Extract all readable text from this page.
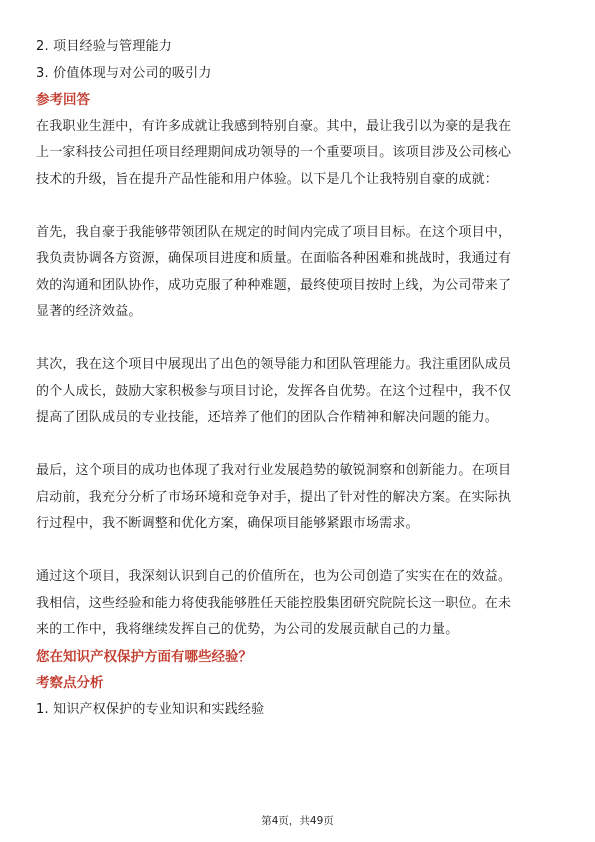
2. 项目经验与管理能力
3. 价值体现与对公司的吸引力
参考回答
在我职业生涯中，有许多成就让我感到特别自豪。其中，最让我引以为豪的是我在
上一家科技公司担任项目经理期间成功领导的一个重要项目。该项目涉及公司核心
技术的升级，旨在提升产品性能和用户体验。以下是几个让我特别自豪的成就：
首先，我自豪于我能够带领团队在规定的时间内完成了项目目标。在这个项目中，
我负责协调各方资源，确保项目进度和质量。在面临各种困难和挑战时，我通过有
效的沟通和团队协作，成功克服了种种难题，最终使项目按时上线，为公司带来了
显著的经济效益。
其次，我在这个项目中展现出了出色的领导能力和团队管理能力。我注重团队成员
的个人成长，鼓励大家积极参与项目讨论，发挥各自优势。在这个过程中，我不仅
提高了团队成员的专业技能，还培养了他们的团队合作精神和解决问题的能力。
最后，这个项目的成功也体现了我对行业发展趋势的敏锐洞察和创新能力。在项目
启动前，我充分分析了市场环境和竞争对手，提出了针对性的解决方案。在实际执
行过程中，我不断调整和优化方案，确保项目能够紧跟市场需求。
通过这个项目，我深刻认识到自己的价值所在，也为公司创造了实实在在的效益。
我相信，这些经验和能力将使我能够胜任天能控股集团研究院院长这一职位。在未
来的工作中，我将继续发挥自己的优势，为公司的发展贡献自己的力量。
您在知识产权保护方面有哪些经验？
考察点分析
1. 知识产权保护的专业知识和实践经验
第4页，共49页
